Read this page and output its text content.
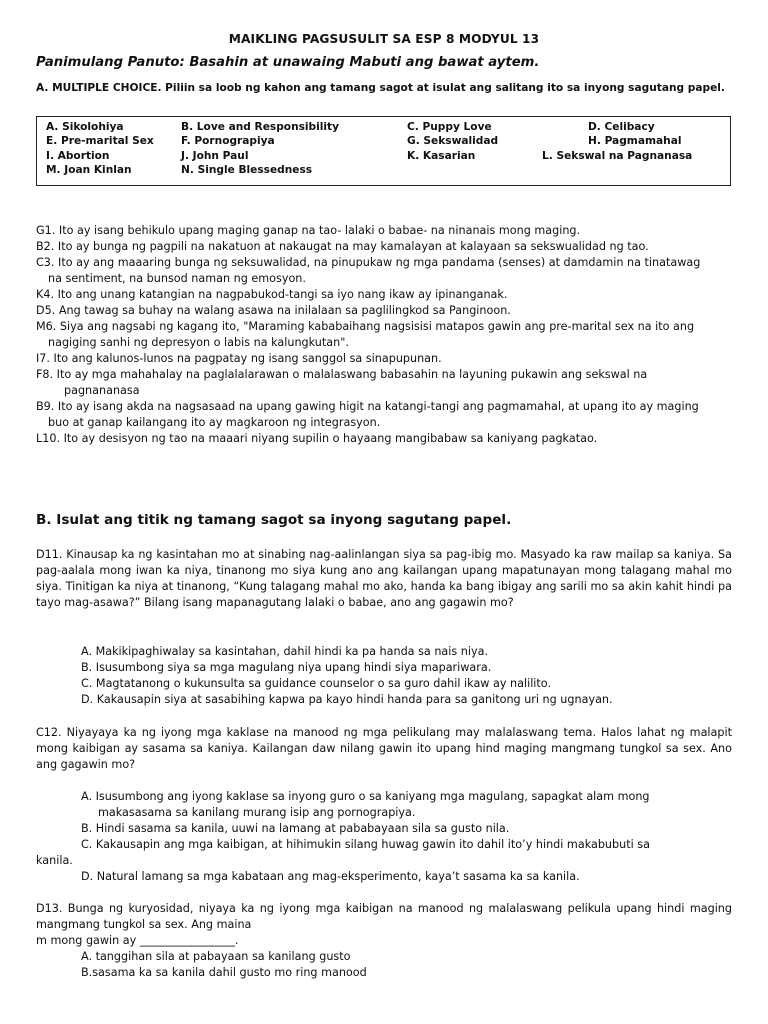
MAIKLING PAGSUSULIT SA ESP 8 MODYUL 13
Panimulang Panuto: Basahin at unawaing Mabuti ang bawat aytem.
A. MULTIPLE CHOICE. Piliin sa loob ng kahon ang tamang sagot at isulat ang salitang ito sa inyong sagutang papel.
A. Sikolohiya	B. Love and Responsibility	C. Puppy Love	D. Celibacy
E. Pre-marital Sex	F. Pornograpiya	G. Sekswalidad	H. Pagmamahal
I. Abortion	J. John Paul	K. Kasarian	L. Sekswal na Pagnanasa
M. Joan Kinlan	N. Single Blessedness
G1. Ito ay isang behikulo upang maging ganap na tao- lalaki o babae- na ninanais mong maging.
B2. Ito ay bunga ng pagpili na nakatuon at nakaugat na may kamalayan at kalayaan sa sekswualidad ng tao.
C3. Ito ay ang maaaring bunga ng seksuwalidad, na pinupukaw ng mga pandama (senses) at damdamin na tinatawag
na sentiment, na bunsod naman ng emosyon.
K4. Ito ang unang katangian na nagpabukod-tangi sa iyo nang ikaw ay ipinanganak.
D5. Ang tawag sa buhay na walang asawa na inilalaan sa paglilingkod sa Panginoon.
M6. Siya ang nagsabi ng kagang ito, "Maraming kababaihang nagsisisi matapos gawin ang pre-marital sex na ito ang
nagiging sanhi ng depresyon o labis na kalungkutan".
I7. Ito ang kalunos-lunos na pagpatay ng isang sanggol sa sinapupunan.
F8. Ito ay mga mahahalay na paglalalarawan o malalaswang babasahin na layuning pukawin ang sekswal na
pagnananasa
B9. Ito ay isang akda na nagsasaad na upang gawing higit na katangi-tangi ang pagmamahal, at upang ito ay maging
buo at ganap kailangang ito ay magkaroon ng integrasyon.
L10. Ito ay desisyon ng tao na maaari niyang supilin o hayaang mangibabaw sa kaniyang pagkatao.
B. Isulat ang titik ng tamang sagot sa inyong sagutang papel.
D11. Kinausap ka ng kasintahan mo at sinabing nag-aalinlangan siya sa pag-ibig mo. Masyado ka raw mailap sa kaniya. Sa pag-aalala mong iwan ka niya, tinanong mo siya kung ano ang kailangan upang mapatunayan mong talagang mahal mo siya. Tinitigan ka niya at tinanong, “Kung talagang mahal mo ako, handa ka bang ibigay ang sarili mo sa akin kahit hindi pa tayo mag-asawa?” Bilang isang mapanagutang lalaki o babae, ano ang gagawin mo?
A. Makikipaghiwalay sa kasintahan, dahil hindi ka pa handa sa nais niya.
B. Isusumbong siya sa mga magulang niya upang hindi siya mapariwara.
C. Magtatanong o kukunsulta sa guidance counselor o sa guro dahil ikaw ay nalilito.
D. Kakausapin siya at sasabihing kapwa pa kayo hindi handa para sa ganitong uri ng ugnayan.
C12. Niyayaya ka ng iyong mga kaklase na manood ng mga pelikulang may malalaswang tema. Halos lahat ng malapit mong kaibigan ay sasama sa kaniya. Kailangan daw nilang gawin ito upang hind maging mangmang tungkol sa sex. Ano ang gagawin mo?
A. Isusumbong ang iyong kaklase sa inyong guro o sa kaniyang mga magulang, sapagkat alam mong
makasasama sa kanilang murang isip ang pornograpiya.
B. Hindi sasama sa kanila, uuwi na lamang at pababayaan sila sa gusto nila.
C. Kakausapin ang mga kaibigan, at hihimukin silang huwag gawin ito dahil ito’y hindi makabubuti sa
kanila.
D. Natural lamang sa mga kabataan ang mag-eksperimento, kaya’t sasama ka sa kanila.
D13. Bunga ng kuryosidad, niyaya ka ng iyong mga kaibigan na manood ng malalaswang pelikula upang hindi maging mangmang tungkol sa sex. Ang maina
m mong gawin ay _________________.
A. tanggihan sila at pabayaan sa kanilang gusto
B.sasama ka sa kanila dahil gusto mo ring manood
